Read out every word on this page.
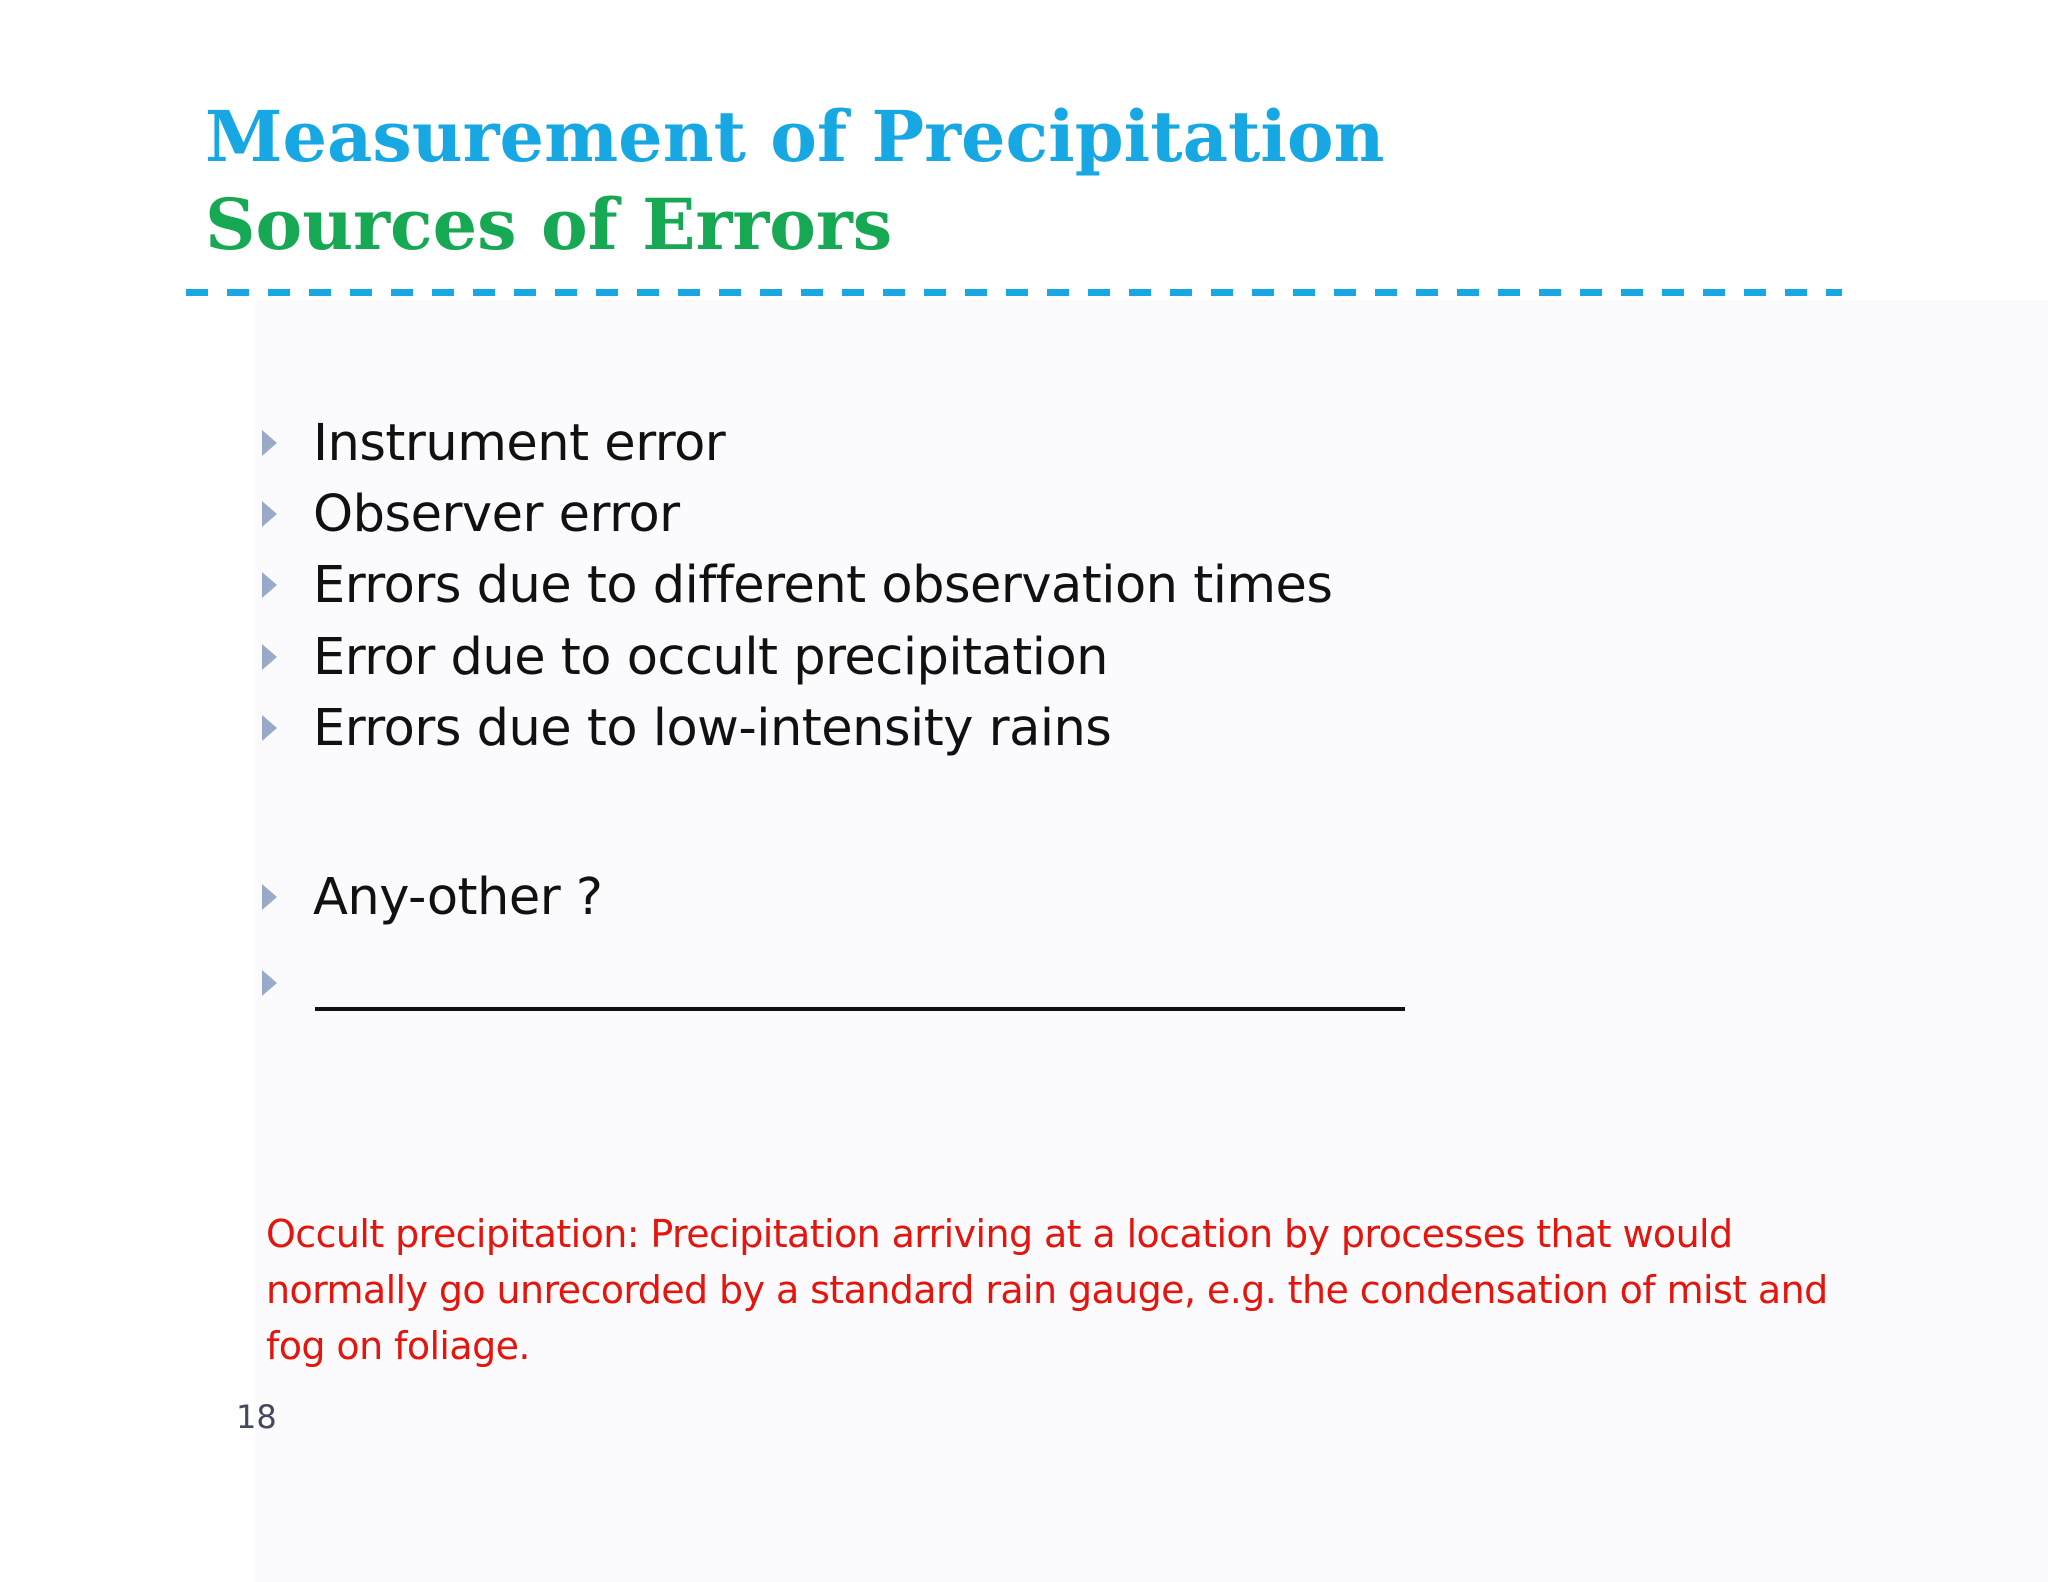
Measurement of Precipitation
Sources of Errors
Instrument error
Observer error
Errors due to different observation times
Error due to occult precipitation
Errors due to low-intensity rains
Any-other ?
Occult precipitation: Precipitation arriving at a location by processes that would normally go unrecorded by a standard rain gauge, e.g. the condensation of mist and fog on foliage.
18
